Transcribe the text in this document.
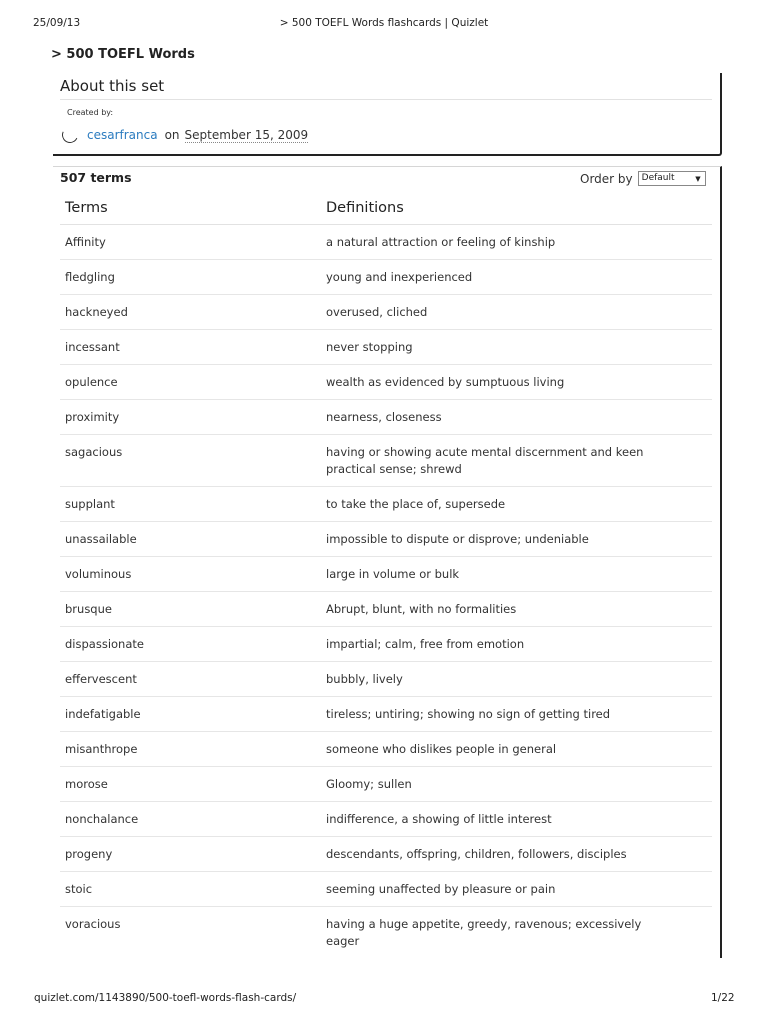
25/09/13	> 500 TOEFL Words flashcards | Quizlet
> 500 TOEFL Words
About this set
Created by:
cesarfranca on September 15, 2009
507 terms	Order by	Default	▼
Terms	Definitions
Affinity	a natural attraction or feeling of kinship
fledgling	young and inexperienced
hackneyed	overused, cliched
incessant	never stopping
opulence	wealth as evidenced by sumptuous living
proximity	nearness, closeness
sagacious	having or showing acute mental discernment and keen practical sense; shrewd
supplant	to take the place of, supersede
unassailable	impossible to dispute or disprove; undeniable
voluminous	large in volume or bulk
brusque	Abrupt, blunt, with no formalities
dispassionate	impartial; calm, free from emotion
effervescent	bubbly, lively
indefatigable	tireless; untiring; showing no sign of getting tired
misanthrope	someone who dislikes people in general
morose	Gloomy; sullen
nonchalance	indifference, a showing of little interest
progeny	descendants, offspring, children, followers, disciples
stoic	seeming unaffected by pleasure or pain
voracious	having a huge appetite, greedy, ravenous; excessively eager
quizlet.com/1143890/500-toefl-words-flash-cards/	1/22
